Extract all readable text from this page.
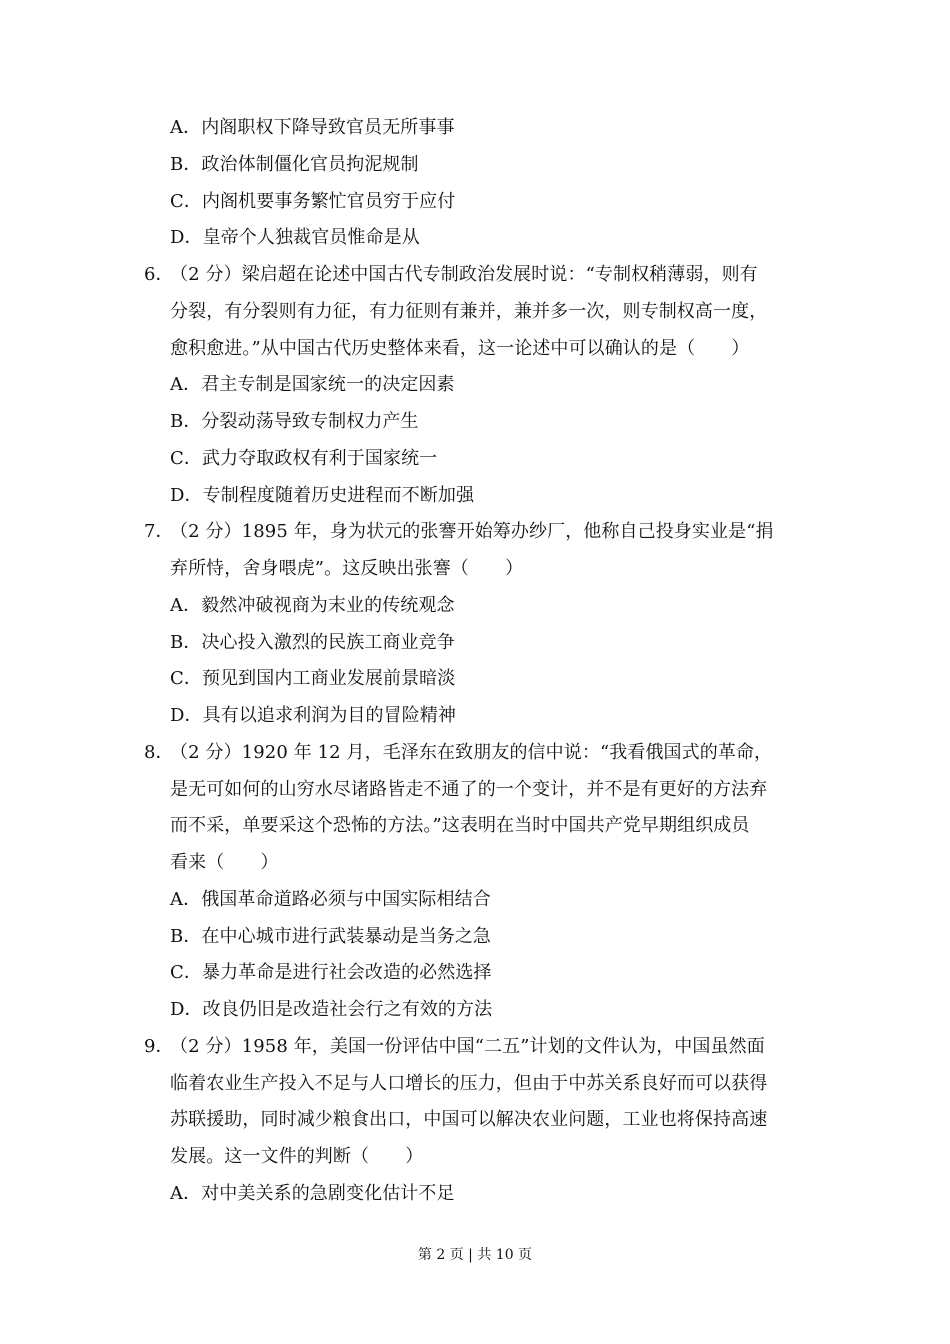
A．内阁职权下降导致官员无所事事
B．政治体制僵化官员拘泥规制
C．内阁机要事务繁忙官员穷于应付
D．皇帝个人独裁官员惟命是从
6．
（2 分）梁启超在论述中国古代专制政治发展时说：“专制权稍薄弱，则有
分裂，有分裂则有力征，有力征则有兼并，兼并多一次，则专制权高一度，
愈积愈进。”从中国古代历史整体来看，这一论述中可以确认的是（　　）
A．君主专制是国家统一的决定因素
B．分裂动荡导致专制权力产生
C．武力夺取政权有利于国家统一
D．专制程度随着历史进程而不断加强
7．
（2 分）1895 年，身为状元的张謇开始筹办纱厂，他称自己投身实业是“捐
弃所恃，舍身喂虎”。这反映出张謇（　　）
A．毅然冲破视商为末业的传统观念
B．决心投入激烈的民族工商业竞争
C．预见到国内工商业发展前景暗淡
D．具有以追求利润为目的冒险精神
8．
（2 分）1920 年 12 月，毛泽东在致朋友的信中说：“我看俄国式的革命，
是无可如何的山穷水尽诸路皆走不通了的一个变计，并不是有更好的方法弃
而不采，单要采这个恐怖的方法。”这表明在当时中国共产党早期组织成员
看来（　　）
A．俄国革命道路必须与中国实际相结合
B．在中心城市进行武装暴动是当务之急
C．暴力革命是进行社会改造的必然选择
D．改良仍旧是改造社会行之有效的方法
9．
（2 分）1958 年，美国一份评估中国“二五”计划的文件认为，中国虽然面
临着农业生产投入不足与人口增长的压力，但由于中苏关系良好而可以获得
苏联援助，同时减少粮食出口，中国可以解决农业问题，工业也将保持高速
发展。这一文件的判断（　　）
A．对中美关系的急剧变化估计不足
第 2 页 | 共 10 页
